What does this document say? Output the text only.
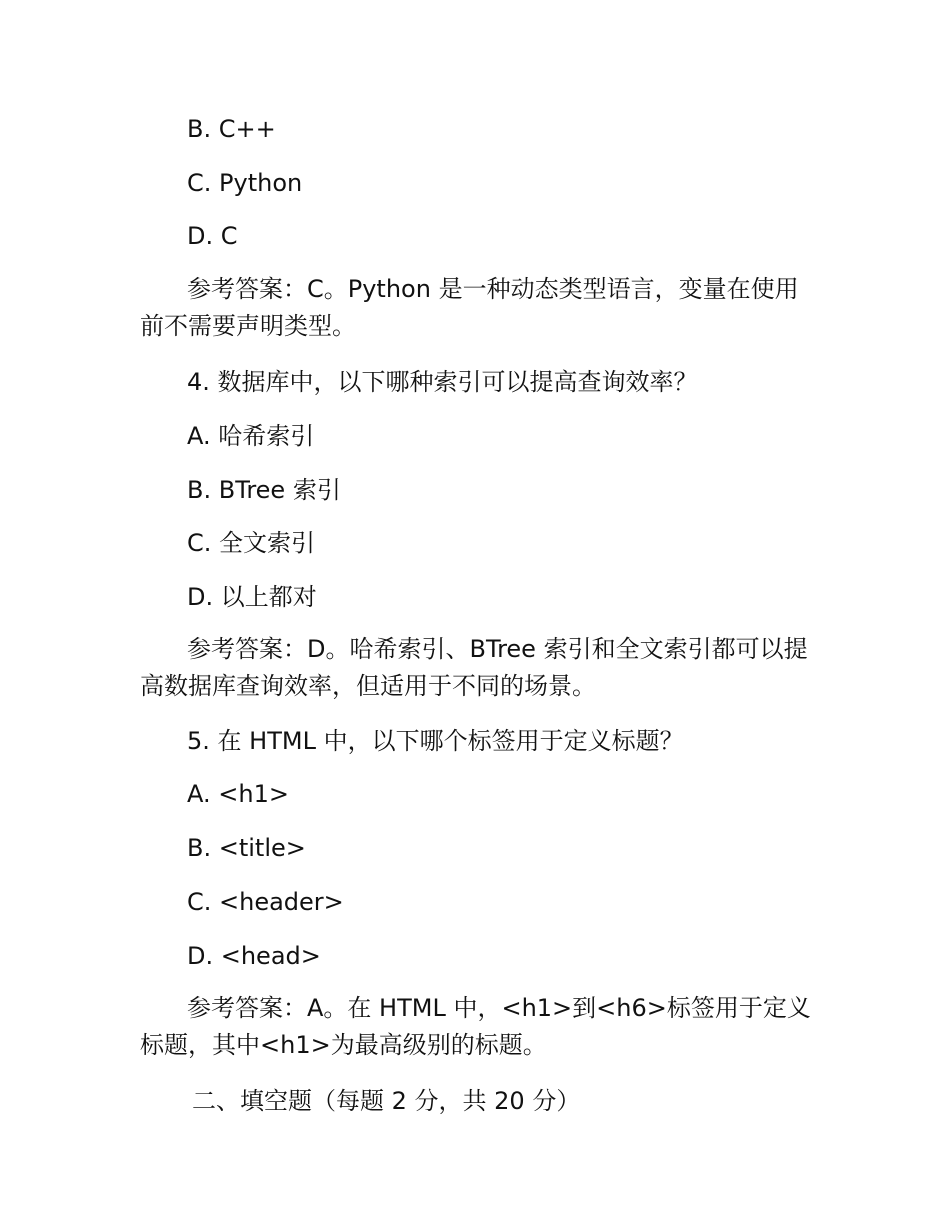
B. C++
C. Python
D. C
参考答案：C。Python 是一种动态类型语言，变量在使用前不需要声明类型。
4. 数据库中，以下哪种索引可以提高查询效率？
A. 哈希索引
B. BTree 索引
C. 全文索引
D. 以上都对
参考答案：D。哈希索引、BTree 索引和全文索引都可以提高数据库查询效率，但适用于不同的场景。
5. 在 HTML 中，以下哪个标签用于定义标题？
A. <h1>
B. <title>
C. <header>
D. <head>
参考答案：A。在 HTML 中，<h1>到<h6>标签用于定义标题，其中<h1>为最高级别的标题。
二、填空题（每题 2 分，共 20 分）
